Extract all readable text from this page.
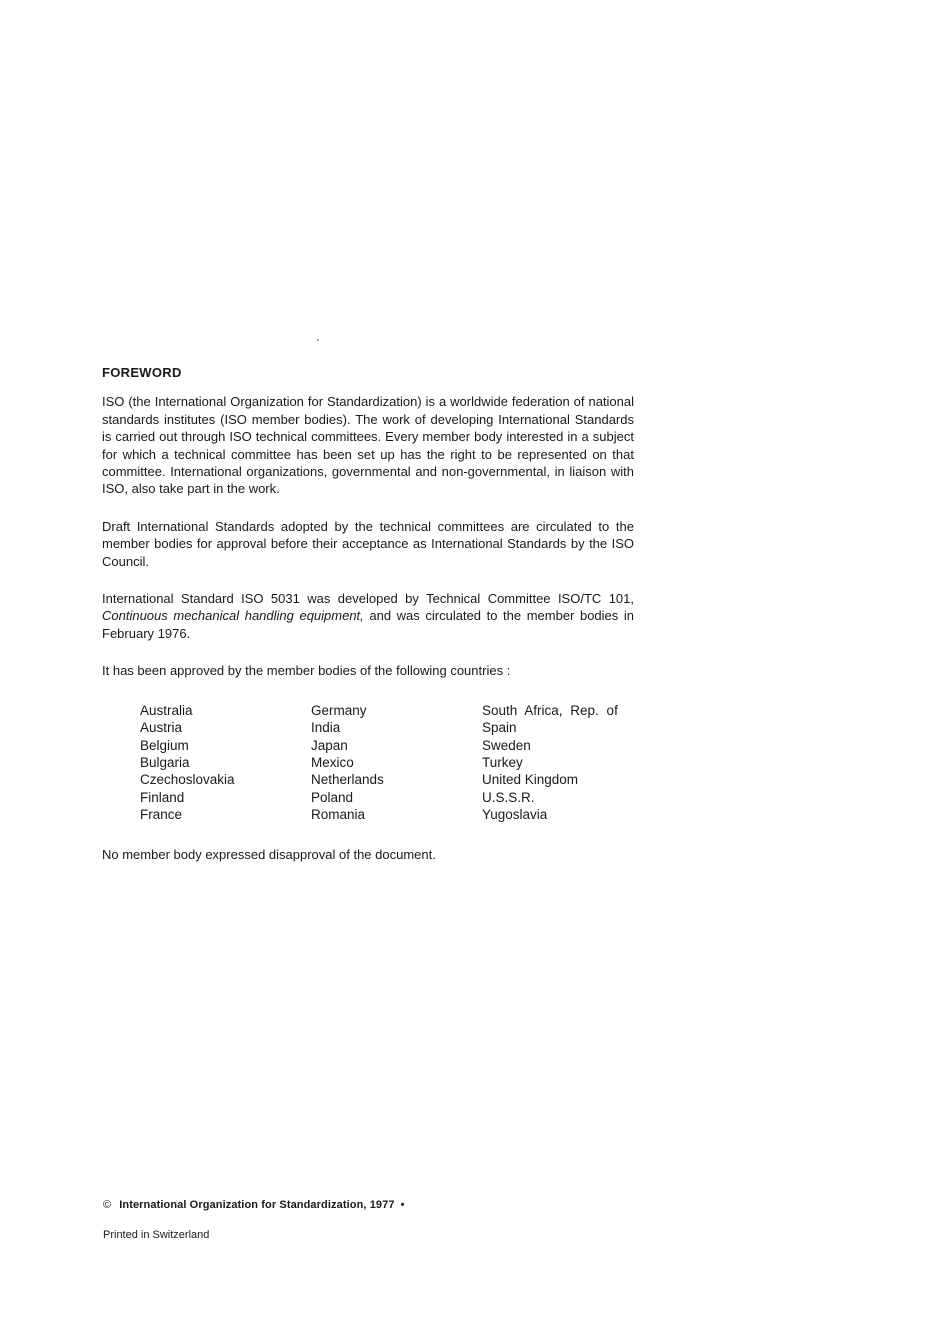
FOREWORD

ISO (the International Organization for Standardization) is a worldwide federation of national standards institutes (ISO member bodies). The work of developing International Standards is carried out through ISO technical committees. Every member body interested in a subject for which a technical committee has been set up has the right to be represented on that committee. International organizations, governmental and non-governmental, in liaison with ISO, also take part in the work.

Draft International Standards adopted by the technical committees are circulated to the member bodies for approval before their acceptance as International Standards by the ISO Council.

International Standard ISO 5031 was developed by Technical Committee ISO/TC 101, Continuous mechanical handling equipment, and was circulated to the member bodies in February 1976.

It has been approved by the member bodies of the following countries :

Australia
Austria
Belgium
Bulgaria
Czechoslovakia
Finland
France
Germany
India
Japan
Mexico
Netherlands
Poland
Romania
South Africa, Rep. of
Spain
Sweden
Turkey
United Kingdom
U.S.S.R.
Yugoslavia

No member body expressed disapproval of the document.

© International Organization for Standardization, 1977 •
Printed in Switzerland
